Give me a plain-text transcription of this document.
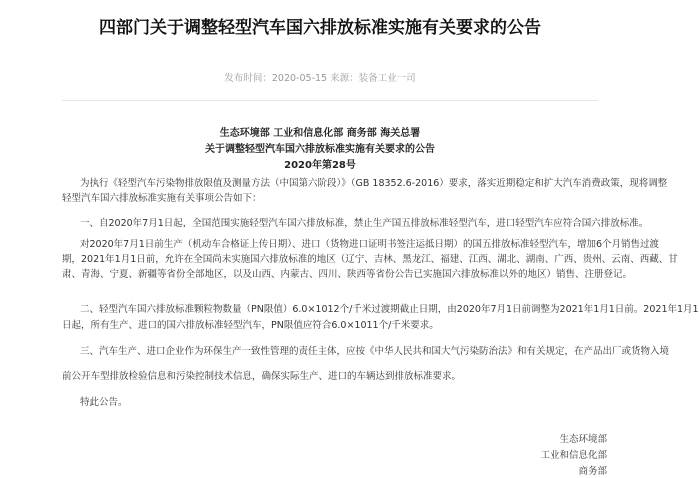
四部门关于调整轻型汽车国六排放标准实施有关要求的公告
发布时间：2020-05-15 来源：装备工业一司
生态环境部 工业和信息化部 商务部 海关总署
关于调整轻型汽车国六排放标准实施有关要求的公告
2020年第28号
为执行《轻型汽车污染物排放限值及测量方法（中国第六阶段）》（GB 18352.6-2016）要求，落实近期稳定和扩大汽车消费政策，现将调整
轻型汽车国六排放标准实施有关事项公告如下：
一、自2020年7月1日起，全国范围实施轻型汽车国六排放标准，禁止生产国五排放标准轻型汽车，进口轻型汽车应符合国六排放标准。
对2020年7月1日前生产（机动车合格证上传日期）、进口（货物进口证明书签注运抵日期）的国五排放标准轻型汽车，增加6个月销售过渡
期，2021年1月1日前，允许在全国尚未实施国六排放标准的地区（辽宁、吉林、黑龙江、福建、江西、湖北、湖南、广西、贵州、云南、西藏、甘
肃、青海、宁夏、新疆等省份全部地区，以及山西、内蒙古、四川、陕西等省份公告已实施国六排放标准以外的地区）销售、注册登记。
二、轻型汽车国六排放标准颗粒物数量（PN限值）6.0×1012个/千米过渡期截止日期，由2020年7月1日前调整为2021年1月1日前。2021年1月1
日起，所有生产、进口的国六排放标准轻型汽车，PN限值应符合6.0×1011个/千米要求。
三、汽车生产、进口企业作为环保生产一致性管理的责任主体，应按《中华人民共和国大气污染防治法》和有关规定，在产品出厂或货物入境
前公开车型排放检验信息和污染控制技术信息，确保实际生产、进口的车辆达到排放标准要求。
特此公告。
生态环境部
工业和信息化部
商务部
